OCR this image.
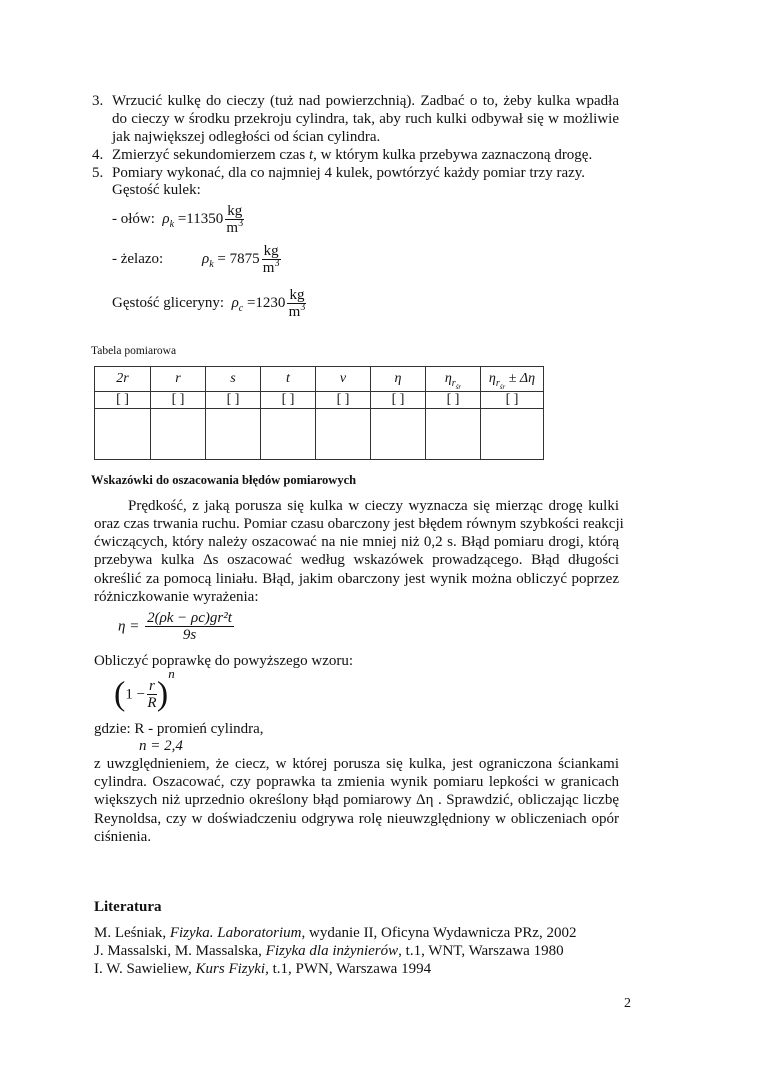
3. Wrzucić kulkę do cieczy (tuż nad powierzchnią). Zadbać o to, żeby kulka wpadła
do cieczy w środku przekroju cylindra, tak, aby ruch kulki odbywał się w możliwie
jak największej odległości od ścian cylindra.
4. Zmierzyć sekundomierzem czas t, w którym kulka przebywa zaznaczoną drogę.
5. Pomiary wykonać, dla co najmniej 4 kulek, powtórzyć każdy pomiar trzy razy.
Gęstość kulek:
- ołów: $\rho_k =11350 \frac{kg}{m^3}$
- żelazo:	$\rho_k = 7875 \frac{kg}{m^3}$
Gęstość gliceryny: $\rho_c =1230 \frac{kg}{m^3}$
Tabela pomiarowa
2r	r	s	t	v	η	$\eta_{r_{śr}}$	$\eta_{r_{śr}} \pm \Delta\eta$
[ ]	[ ]	[ ]	[ ]	[ ]	[ ]	[ ]	[ ]

Wskazówki do oszacowania błędów pomiarowych
Prędkość, z jaką porusza się kulka w cieczy wyznacza się mierząc drogę kulki
oraz czas trwania ruchu. Pomiar czasu obarczony jest błędem równym szybkości reakcji
ćwiczących, który należy oszacować na nie mniej niż 0,2 s. Błąd pomiaru drogi, którą
przebywa kulka Δs oszacować według wskazówek prowadzącego. Błąd długości
określić za pomocą liniału. Błąd, jakim obarczony jest wynik można obliczyć poprzez
różniczkowanie wyrażenia:
$\eta = \frac{\text{2(ρk − ρc)gr²t}}{9s}$
Obliczyć poprawkę do powyższego wzoru:
$(1 - \frac{r}{R} )^n$
gdzie: R - promień cylindra,
n = 2,4
z uwzględnieniem, że ciecz, w której porusza się kulka, jest ograniczona ściankami
cylindra. Oszacować, czy poprawka ta zmienia wynik pomiaru lepkości w granicach
większych niż uprzednio określony błąd pomiarowy Δη . Sprawdzić, obliczając liczbę
Reynoldsa, czy w doświadczeniu odgrywa rolę nieuwzględniony w obliczeniach opór
ciśnienia.
Literatura
M. Leśniak, Fizyka. Laboratorium, wydanie II, Oficyna Wydawnicza PRz, 2002
J. Massalski, M. Massalska, Fizyka dla inżynierów, t.1, WNT, Warszawa 1980
I. W. Sawieliew, Kurs Fizyki, t.1, PWN, Warszawa 1994
2
